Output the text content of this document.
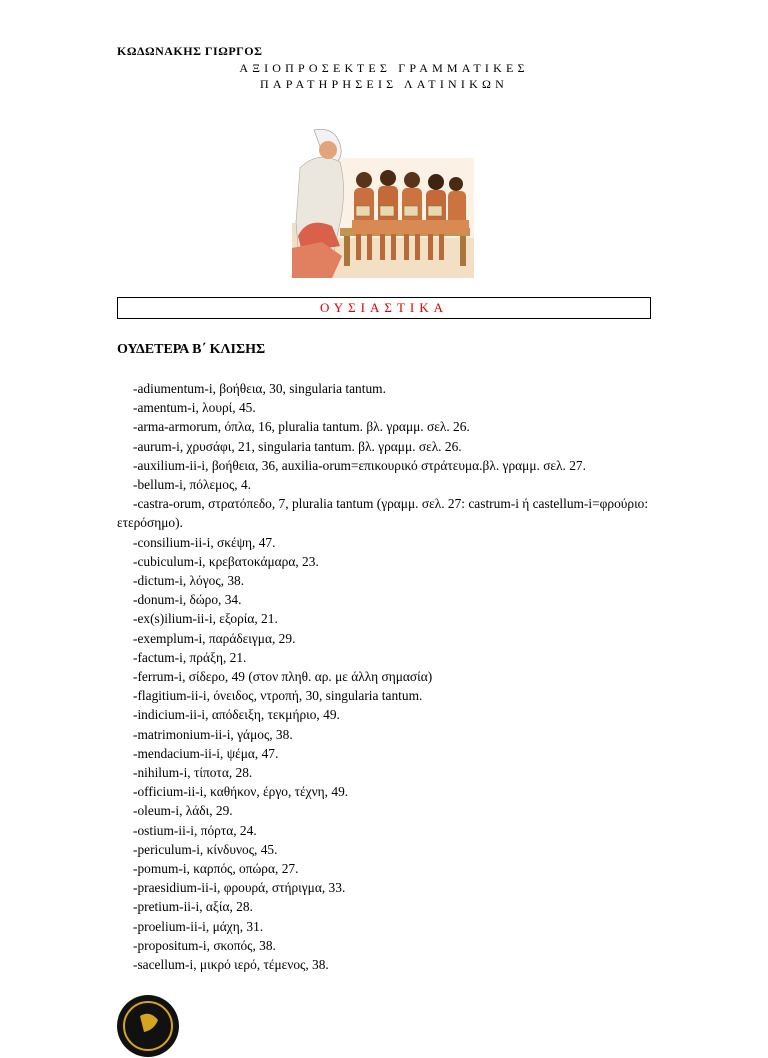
ΚΩΔΩΝΑΚΗΣ ΓΙΩΡΓΟΣ
ΑΞΙΟΠΡΟΣΕΚΤΕΣ ΓΡΑΜΜΑΤΙΚΕΣ
ΠΑΡΑΤΗΡΗΣΕΙΣ ΛΑΤΙΝΙΚΩΝ
ΟΥΣΙΑΣΤΙΚΑ
ΟΥΔΕΤΕΡΑ Β΄ ΚΛΙΣΗΣ
-adiumentum-i, βοήθεια, 30, singularia tantum.
-amentum-i, λουρί, 45.
-arma-armorum, όπλα, 16, pluralia tantum. βλ. γραμμ. σελ. 26.
-aurum-i, χρυσάφι, 21, singularia tantum. βλ. γραμμ. σελ. 26.
-auxilium-ii-i, βοήθεια, 36, auxilia-orum=επικουρικό στράτευμα.βλ. γραμμ. σελ. 27.
-bellum-i, πόλεμος, 4.
-castra-orum, στρατόπεδο, 7, pluralia tantum (γραμμ. σελ. 27: castrum-i ή castellum-i=φρούριο: ετερόσημο).
-consilium-ii-i, σκέψη, 47.
-cubiculum-i, κρεβατοκάμαρα, 23.
-dictum-i, λόγος, 38.
-donum-i, δώρο, 34.
-ex(s)ilium-ii-i, εξορία, 21.
-exemplum-i, παράδειγμα, 29.
-factum-i, πράξη, 21.
-ferrum-i, σίδερο, 49 (στον πληθ. αρ. με άλλη σημασία)
-flagitium-ii-i, όνειδος, ντροπή, 30, singularia tantum.
-indicium-ii-i, απόδειξη, τεκμήριο, 49.
-matrimonium-ii-i, γάμος, 38.
-mendacium-ii-i, ψέμα, 47.
-nihilum-i, τίποτα, 28.
-officium-ii-i, καθήκον, έργο, τέχνη, 49.
-oleum-i, λάδι, 29.
-ostium-ii-i, πόρτα, 24.
-periculum-i, κίνδυνος, 45.
-pomum-i, καρπός, οπώρα, 27.
-praesidium-ii-i, φρουρά, στήριγμα, 33.
-pretium-ii-i, αξία, 28.
-proelium-ii-i, μάχη, 31.
-propositum-i, σκοπός, 38.
-sacellum-i, μικρό ιερό, τέμενος, 38.
